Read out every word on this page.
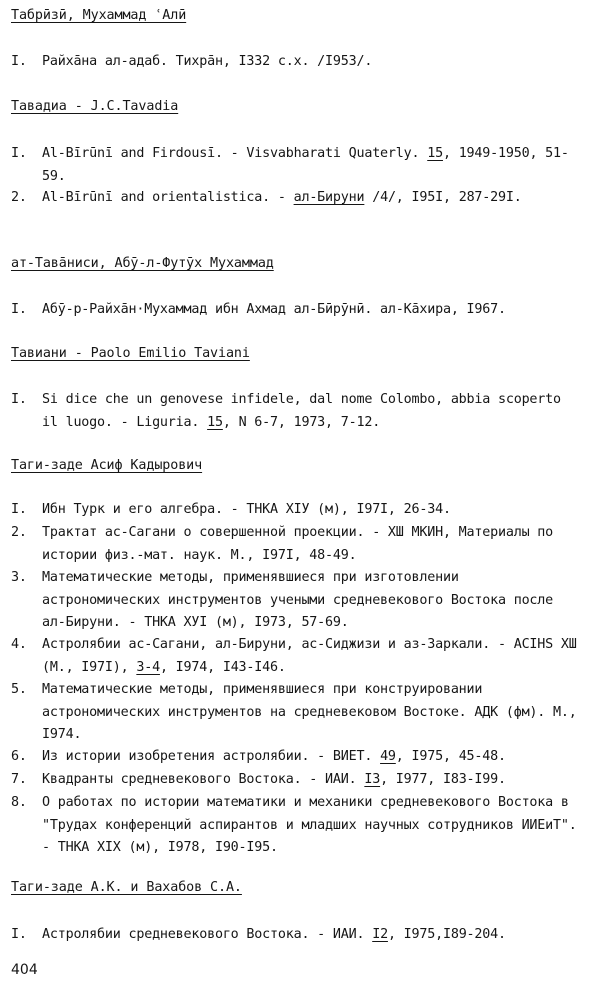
Табрӣзӣ, Мухаммад ʿАлӣ
I.	Райха̄на ал-адаб. Тихра̄н, I332 с.х. /I953/.
Тавадиа - J.C.Tavadia
I.	Al-Bīrūnī and Firdousī. - Visvabharati Quaterly. 15, 1949-1950, 51-59.
2.	Al-Bīrūnī and orientalistica. - ал-Бируни /4/, I95I, 287-29I.
ат-Тава̄ниси, Абӯ-л-Футӯх Мухаммад
I.	Абӯ-р-Райха̄н·Мухаммад ибн Ахмад ал-Бӣрӯнӣ. ал-Ка̄хира, I967.
Тавиани - Paolo Emilio Taviani
I.	Si dice che un genovese infidele, dal nome Colombo, abbia scoperto il luogo. - Liguria. 15, N 6-7, 1973, 7-12.
Таги-заде Асиф Кадырович
I.	Ибн Турк и его алгебра. - ТНКА XIУ (м), I97I, 26-34.
2.	Трактат ас-Сагани о совершенной проекции. - XШ МКИН, Материалы по истории физ.-мат. наук. М., I97I, 48-49.
3.	Математические методы, применявшиеся при изготовлении астрономических инструментов учеными средневекового Востока после ал-Бируни. - ТНКА XУI (м), I973, 57-69.
4.	Астролябии ас-Сагани, ал-Бируни, ас-Сиджизи и аз-Заркали. - ACIHS XШ (М., I97I), 3-4, I974, I43-I46.
5.	Математические методы, применявшиеся при конструировании астрономических инструментов на средневековом Востоке. АДК (фм). М., I974.
6.	Из истории изобретения астролябии. - ВИЕТ. 49, I975, 45-48.
7.	Квадранты средневекового Востока. - ИАИ. I3, I977, I83-I99.
8.	О работах по истории математики и механики средневекового Востока в "Трудах конференций аспирантов и младших научных сотрудников ИИЕиТ". - ТНКА XIX (м), I978, I90-I95.
Таги-заде А.К. и Вахабов С.А.
I.	Астролябии средневекового Востока. - ИАИ. I2, I975,I89-204.
404
